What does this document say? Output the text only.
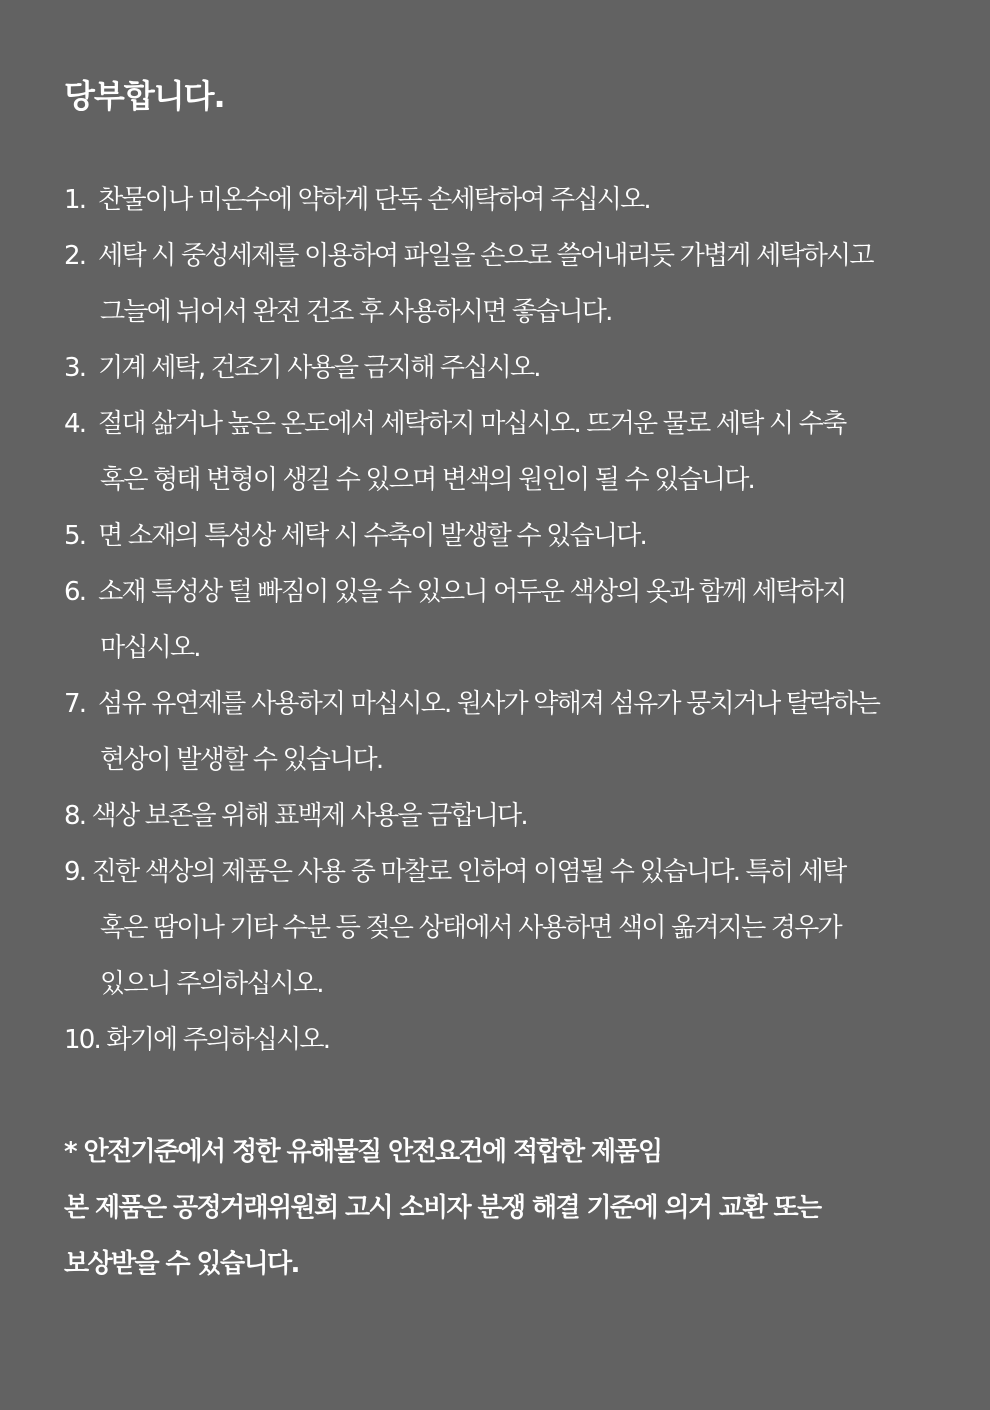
당부합니다.
1.  찬물이나 미온수에 약하게 단독 손세탁하여 주십시오.
2.  세탁 시 중성세제를 이용하여 파일을 손으로 쓸어내리듯 가볍게 세탁하시고
그늘에 뉘어서 완전 건조 후 사용하시면 좋습니다.
3.  기계 세탁, 건조기 사용을 금지해 주십시오.
4.  절대 삶거나 높은 온도에서 세탁하지 마십시오. 뜨거운 물로 세탁 시 수축
혹은 형태 변형이 생길 수 있으며 변색의 원인이 될 수 있습니다.
5.  면 소재의 특성상 세탁 시 수축이 발생할 수 있습니다.
6.  소재 특성상 털 빠짐이 있을 수 있으니 어두운 색상의 옷과 함께 세탁하지
마십시오.
7.  섬유 유연제를 사용하지 마십시오. 원사가 약해져 섬유가 뭉치거나 탈락하는
현상이 발생할 수 있습니다.
8. 색상 보존을 위해 표백제 사용을 금합니다.
9. 진한 색상의 제품은 사용 중 마찰로 인하여 이염될 수 있습니다. 특히 세탁
혹은 땀이나 기타 수분 등 젖은 상태에서 사용하면 색이 옮겨지는 경우가
있으니 주의하십시오.
10. 화기에 주의하십시오.
* 안전기준에서 정한 유해물질 안전요건에 적합한 제품임
본 제품은 공정거래위원회 고시 소비자 분쟁 해결 기준에 의거 교환 또는
보상받을 수 있습니다.
